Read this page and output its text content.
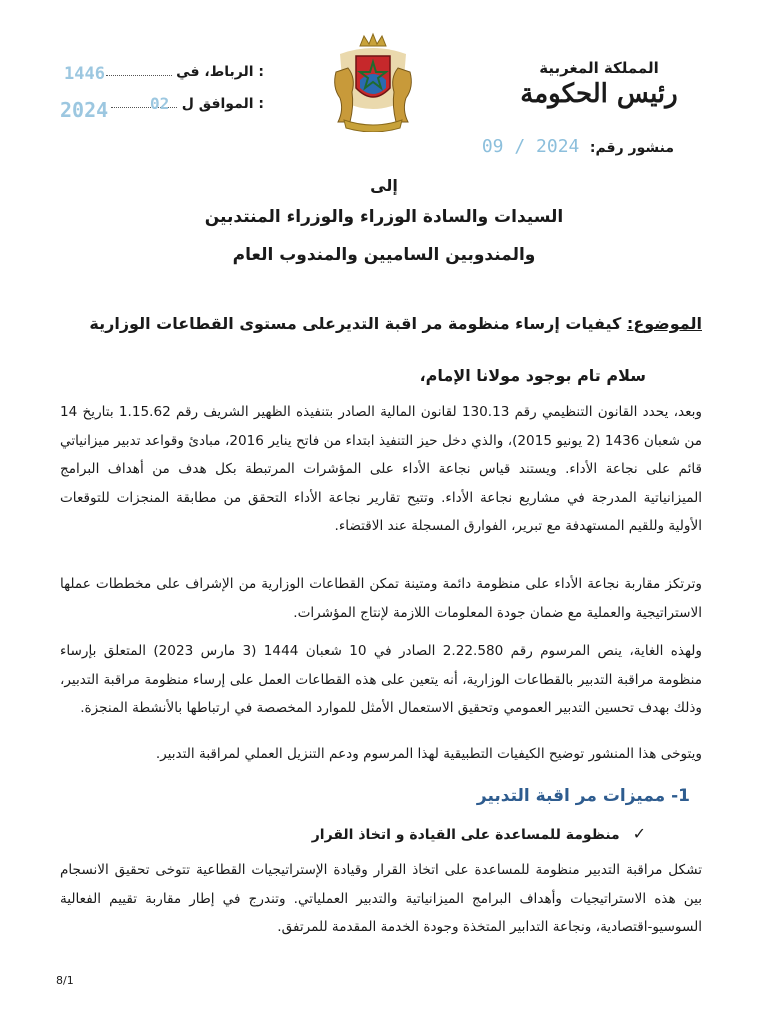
المملكة المغربية
رئيس الحكومة
الرباط، في :
الموافق ل :
1446
2024	02
منشور رقم: 09 / 2024
إلى
السيدات والسادة الوزراء والوزراء المنتدبين
والمندوبين الساميين والمندوب العام
الموضوع: كيفيات إرساء منظومة مر اقبة التديرعلى مستوى القطاعات الوزارية
سلام تام بوجود مولانا الإمام،
وبعد، يحدد القانون التنظيمي رقم 130.13 لقانون المالية الصادر بتنفيذه الظهير الشريف رقم 1.15.62 بتاريخ 14 من شعبان 1436 (2 يونيو 2015)، والذي دخل حيز التنفيذ ابتداء من فاتح يناير 2016، مبادئ وقواعد تدبير ميزانياتي قائم على نجاعة الأداء. ويستند قياس نجاعة الأداء على المؤشرات المرتبطة بكل هدف من أهداف البرامج الميزانياتية المدرجة في مشاريع نجاعة الأداء. وتتيح تقارير نجاعة الأداء التحقق من مطابقة المنجزات للتوقعات الأولية وللقيم المستهدفة مع تبرير، الفوارق المسجلة عند الاقتضاء.
وترتكز مقاربة نجاعة الأداء على منظومة دائمة ومتينة تمكن القطاعات الوزارية من الإشراف على مخططات عملها الاستراتيجية والعملية مع ضمان جودة المعلومات اللازمة لإنتاج المؤشرات.
ولهذه الغاية، ينص المرسوم رقم 2.22.580 الصادر في 10 شعبان 1444 (3 مارس 2023) المتعلق بإرساء منظومة مراقبة التدبير بالقطاعات الوزارية، أنه يتعين على هذه القطاعات العمل على إرساء منظومة مراقبة التدبير، وذلك بهدف تحسين التدبير العمومي وتحقيق الاستعمال الأمثل للموارد المخصصة في ارتباطها بالأنشطة المنجزة.
ويتوخى هذا المنشور توضيح الكيفيات التطبيقية لهذا المرسوم ودعم التنزيل العملي لمراقبة التدبير.
1- مميزات مر اقبة التدبير
✓ منظومة للمساعدة على القيادة و اتخاذ القرار
تشكل مراقبة التدبير منظومة للمساعدة على اتخاذ القرار وقيادة الإستراتيجيات القطاعية تتوخى تحقيق الانسجام بين هذه الاستراتيجيات وأهداف البرامج الميزانياتية والتدبير العملياتي. وتندرج في إطار مقاربة تقييم الفعالية السوسيو-اقتصادية، ونجاعة التدابير المتخذة وجودة الخدمة المقدمة للمرتفق.
8/1
